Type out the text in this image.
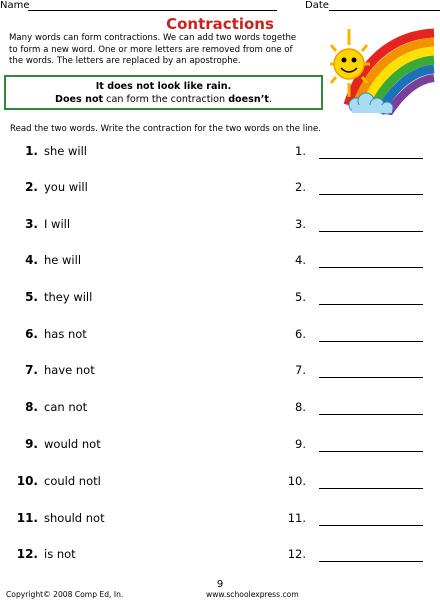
Name	Date
Contractions
Many words can form contractions. We can add two words togethe
to form a new word. One or more letters are removed from one of
the words. The letters are replaced by an apostrophe.
It does not look like rain.
Does not can form the contraction doesn’t.
Read the two words. Write the contraction for the two words on the line.
1. she will	1.
2. you will	2.
3. I will	3.
4. he will	4.
5. they will	5.
6. has not	6.
7. have not	7.
8. can not	8.
9. would not	9.
10. could notl	10.
11. should not	11.
12. is not	12.
9
Copyright© 2008 Comp Ed, In.	www.schoolexpress.com
